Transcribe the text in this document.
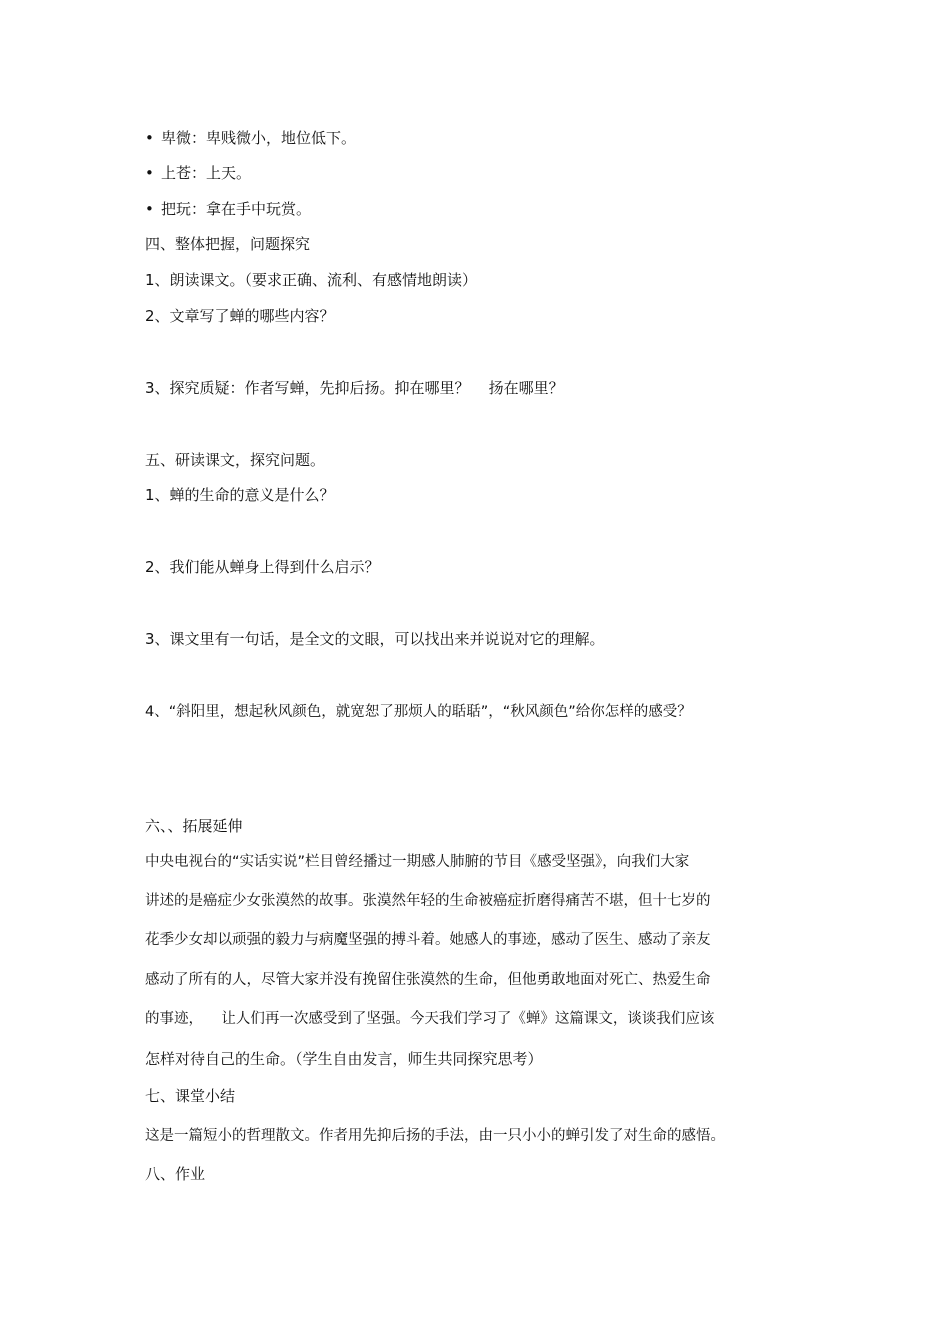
• 卑微：卑贱微小，地位低下。
• 上苍：上天。
• 把玩：拿在手中玩赏。
四、整体把握，问题探究
1、朗读课文。（要求正确、流利、有感情地朗读）
2、文章写了蝉的哪些内容？
3、探究质疑：作者写蝉，先抑后扬。抑在哪里？    扬在哪里？
五、研读课文，探究问题。
1、蝉的生命的意义是什么？
2、我们能从蝉身上得到什么启示？
3、课文里有一句话，是全文的文眼，可以找出来并说说对它的理解。
4、“斜阳里，想起秋风颜色，就宽恕了那烦人的聒聒”，“秋风颜色”给你怎样的感受？
六、、拓展延伸
中央电视台的“实话实说”栏目曾经播过一期感人肺腑的节目《感受坚强》，向我们大家
讲述的是癌症少女张漠然的故事。张漠然年轻的生命被癌症折磨得痛苦不堪，但十七岁的
花季少女却以顽强的毅力与病魔坚强的搏斗着。她感人的事迹，感动了医生、感动了亲友
感动了所有的人，尽管大家并没有挽留住张漠然的生命，但他勇敢地面对死亡、热爱生命
的事迹，    让人们再一次感受到了坚强。今天我们学习了《蝉》这篇课文，谈谈我们应该
怎样对待自己的生命。（学生自由发言，师生共同探究思考）
七、课堂小结
这是一篇短小的哲理散文。作者用先抑后扬的手法，由一只小小的蝉引发了对生命的感悟。
八、作业
